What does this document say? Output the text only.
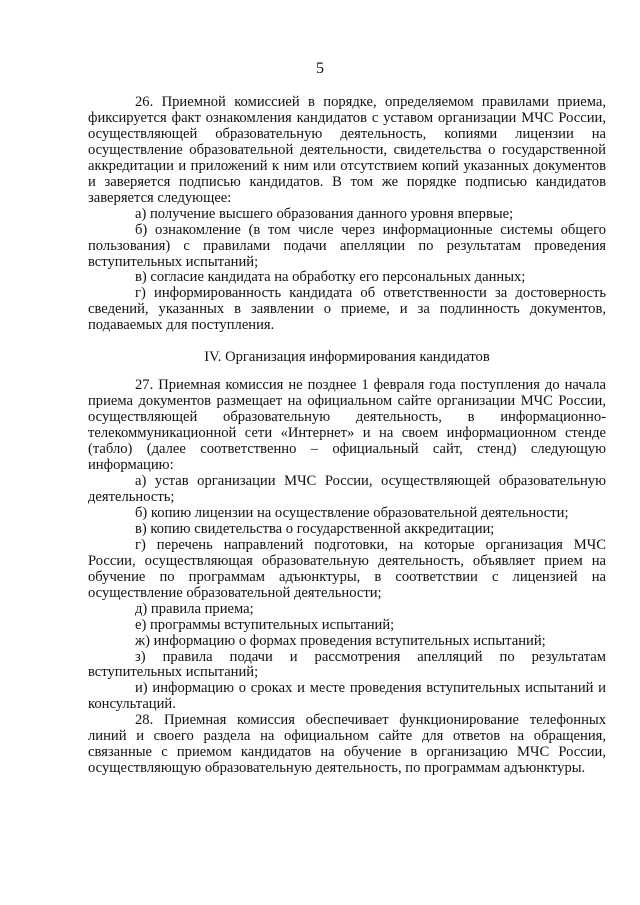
5

26. Приемной комиссией в порядке, определяемом правилами приема, фиксируется факт ознакомления кандидатов с уставом организации МЧС России, осуществляющей образовательную деятельность, копиями лицензии на осуществление образовательной деятельности, свидетельства о государственной аккредитации и приложений к ним или отсутствием копий указанных документов и заверяется подписью кандидатов. В том же порядке подписью кандидатов заверяется следующее:

а) получение высшего образования данного уровня впервые;

б) ознакомление (в том числе через информационные системы общего пользования) с правилами подачи апелляции по результатам проведения вступительных испытаний;

в) согласие кандидата на обработку его персональных данных;

г) информированность кандидата об ответственности за достоверность сведений, указанных в заявлении о приеме, и за подлинность документов, подаваемых для поступления.

IV. Организация информирования кандидатов

27. Приемная комиссия не позднее 1 февраля года поступления до начала приема документов размещает на официальном сайте организации МЧС России, осуществляющей образовательную деятельность, в информационно-телекоммуникационной сети «Интернет» и на своем информационном стенде (табло) (далее соответственно – официальный сайт, стенд) следующую информацию:

а) устав организации МЧС России, осуществляющей образовательную деятельность;

б) копию лицензии на осуществление образовательной деятельности;

в) копию свидетельства о государственной аккредитации;

г) перечень направлений подготовки, на которые организация МЧС России, осуществляющая образовательную деятельность, объявляет прием на обучение по программам адъюнктуры, в соответствии с лицензией на осуществление образовательной деятельности;

д) правила приема;

е) программы вступительных испытаний;

ж) информацию о формах проведения вступительных испытаний;

з) правила подачи и рассмотрения апелляций по результатам вступительных испытаний;

и) информацию о сроках и месте проведения вступительных испытаний и консультаций.

28. Приемная комиссия обеспечивает функционирование телефонных линий и своего раздела на официальном сайте для ответов на обращения, связанные с приемом кандидатов на обучение в организацию МЧС России, осуществляющую образовательную деятельность, по программам адъюнктуры.
